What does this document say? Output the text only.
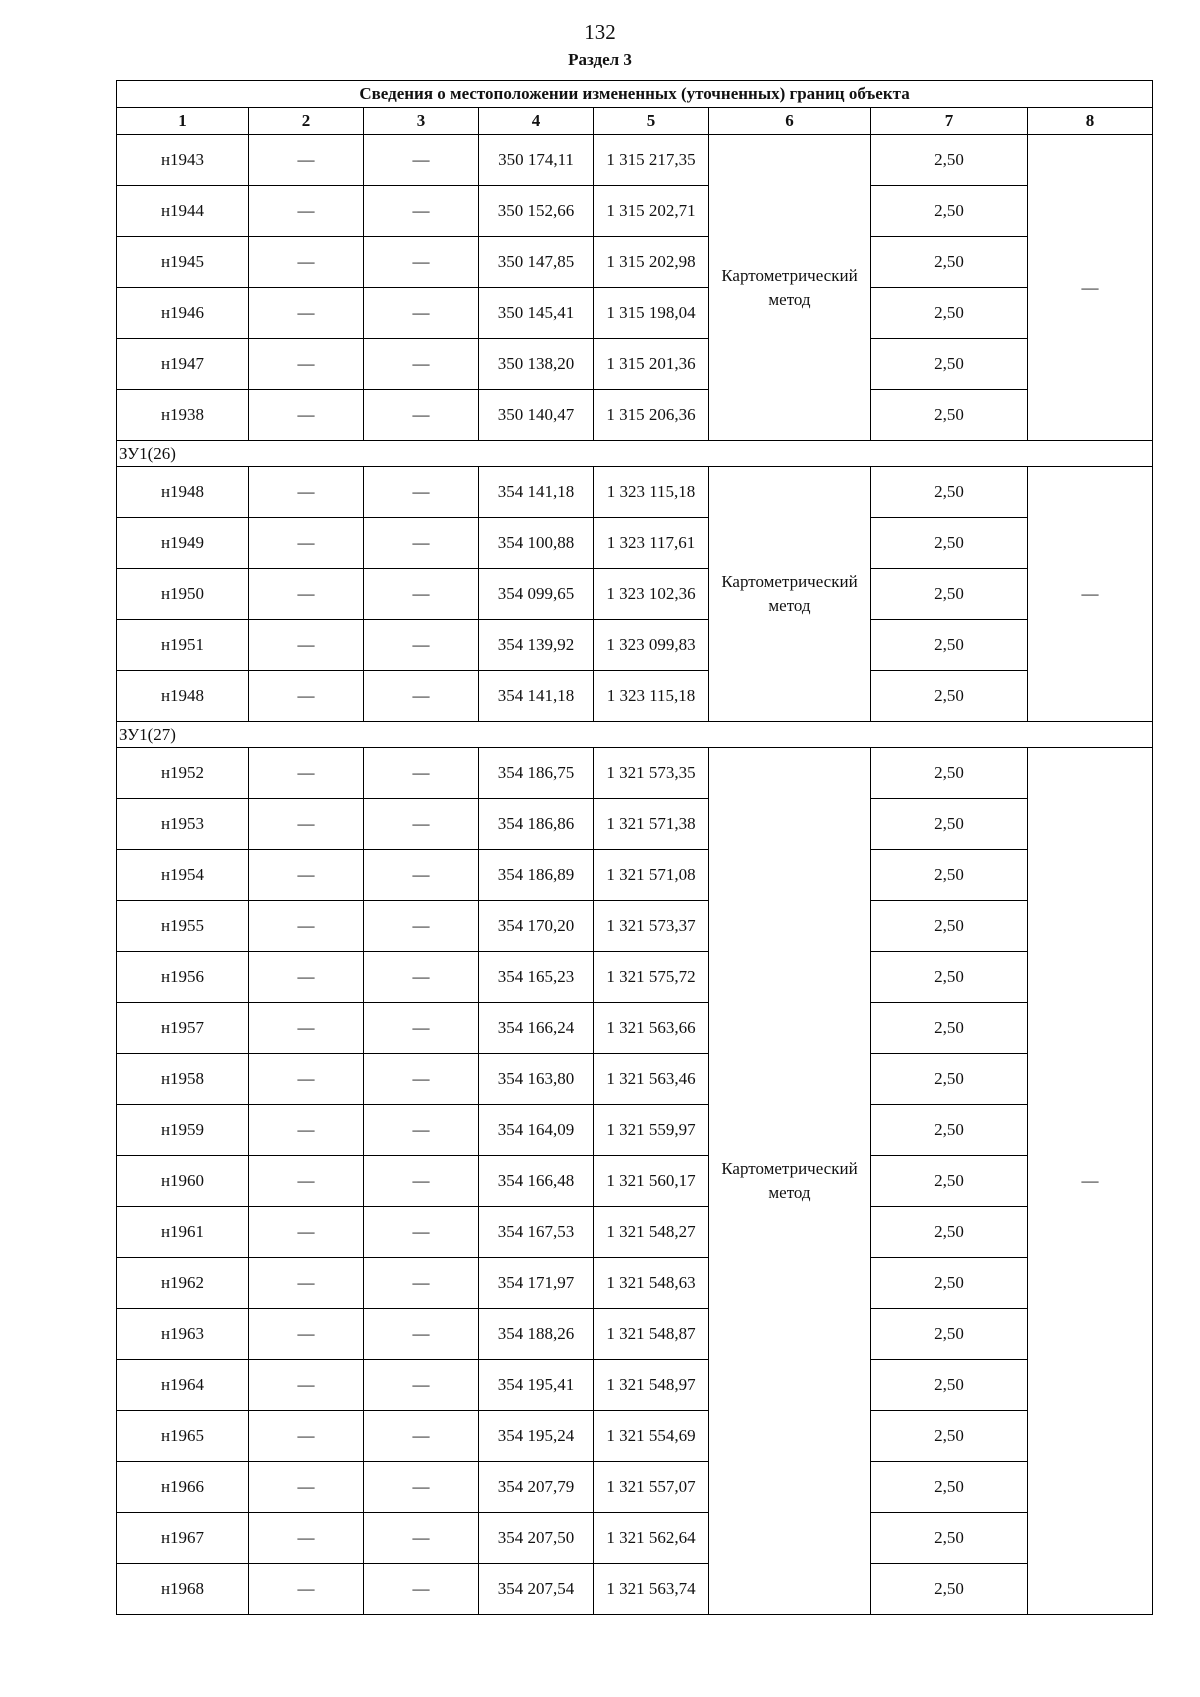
132
Раздел 3
Сведения о местоположении измененных (уточненных) границ объекта							
1	2	3	4	5	6	7	8
н1943	—	—	350 174,11	1 315 217,35	Картометрический метод	2,50	—
н1944	—	—	350 152,66	1 315 202,71		2,50	
н1945	—	—	350 147,85	1 315 202,98		2,50	
н1946	—	—	350 145,41	1 315 198,04		2,50	
н1947	—	—	350 138,20	1 315 201,36		2,50	
н1938	—	—	350 140,47	1 315 206,36		2,50	
ЗУ1(26)							
н1948	—	—	354 141,18	1 323 115,18	Картометрический метод	2,50	—
н1949	—	—	354 100,88	1 323 117,61		2,50	
н1950	—	—	354 099,65	1 323 102,36		2,50	
н1951	—	—	354 139,92	1 323 099,83		2,50	
н1948	—	—	354 141,18	1 323 115,18		2,50	
ЗУ1(27)							
н1952	—	—	354 186,75	1 321 573,35	Картометрический метод	2,50	—
н1953	—	—	354 186,86	1 321 571,38		2,50	
н1954	—	—	354 186,89	1 321 571,08		2,50	
н1955	—	—	354 170,20	1 321 573,37		2,50	
н1956	—	—	354 165,23	1 321 575,72		2,50	
н1957	—	—	354 166,24	1 321 563,66		2,50	
н1958	—	—	354 163,80	1 321 563,46		2,50	
н1959	—	—	354 164,09	1 321 559,97		2,50	
н1960	—	—	354 166,48	1 321 560,17		2,50	
н1961	—	—	354 167,53	1 321 548,27		2,50	
н1962	—	—	354 171,97	1 321 548,63		2,50	
н1963	—	—	354 188,26	1 321 548,87		2,50	
н1964	—	—	354 195,41	1 321 548,97		2,50	
н1965	—	—	354 195,24	1 321 554,69		2,50	
н1966	—	—	354 207,79	1 321 557,07		2,50	
н1967	—	—	354 207,50	1 321 562,64		2,50	
н1968	—	—	354 207,54	1 321 563,74		2,50	
